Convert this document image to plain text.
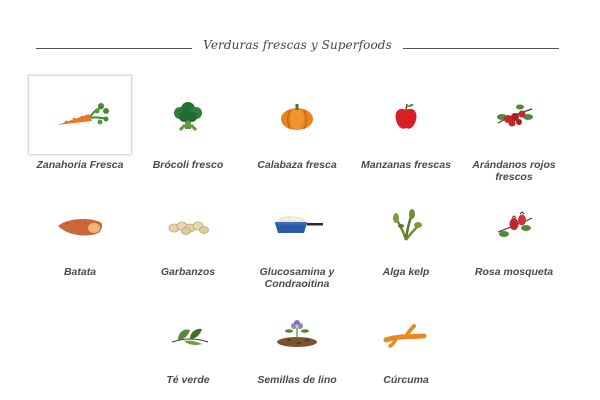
Verduras frescas y Superfoods
Zanahoria Fresca	Brócoli fresco	Calabaza fresca	Manzanas frescas	Arándanos rojos frescos
Batata	Garbanzos	Glucosamina y Condraoitina
Alga kelp	Rosa mosqueta
Té verde	Semillas de lino	Cúrcuma
